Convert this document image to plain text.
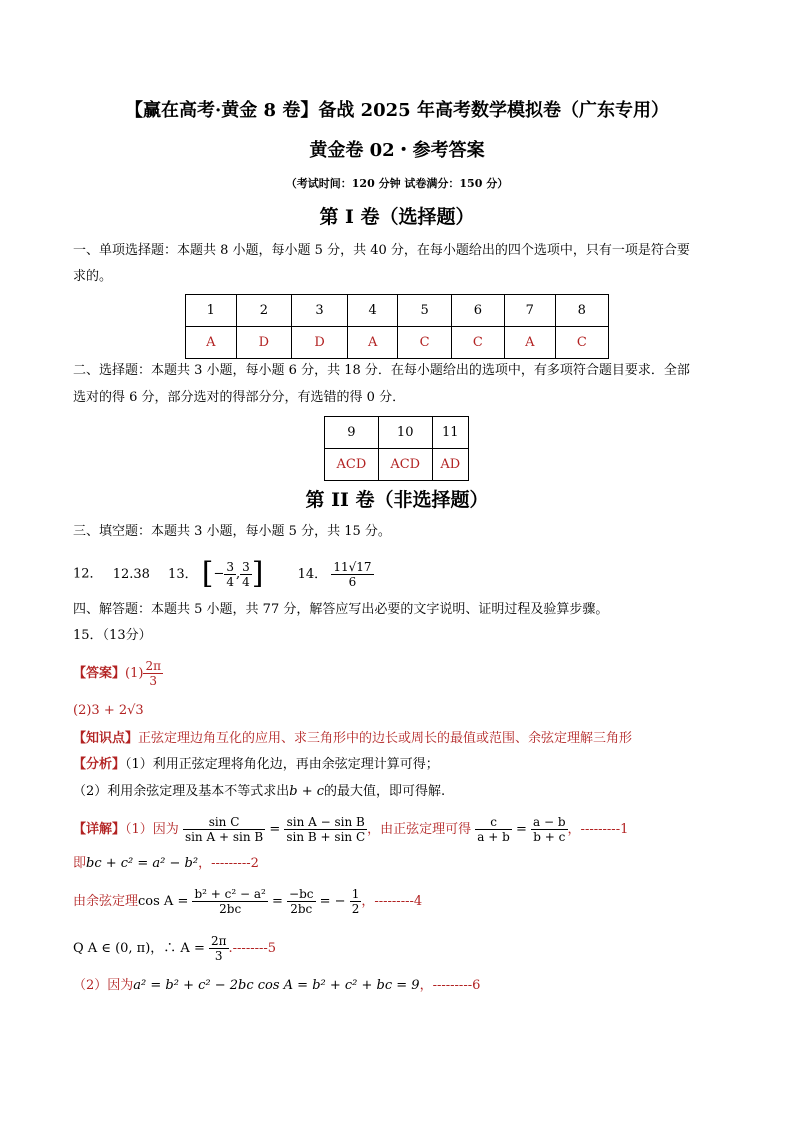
【赢在高考·黄金 8 卷】备战 2025 年高考数学模拟卷（广东专用）
黄金卷 02・参考答案
（考试时间：120 分钟 试卷满分：150 分）
第 I 卷（选择题）
一、单项选择题：本题共 8 小题，每小题 5 分，共 40 分，在每小题给出的四个选项中，只有一项是符合要
求的。
1	2	3	4	5	6	7	8
A	D	D	A	C	C	A	C
二、选择题：本题共 3 小题，每小题 6 分，共 18 分．在每小题给出的选项中，有多项符合题目要求．全部
选对的得 6 分，部分选对的得部分分，有选错的得 0 分．
9	10	11
ACD	ACD	AD
第 II 卷（非选择题）
三、填空题：本题共 3 小题，每小题 5 分，共 15 分。
12． 12.38 13． [− $\frac{3}{4}$ , $\frac{3}{4}$ ]	14． $\frac{11√17}{6}$
四、解答题：本题共 5 小题，共 77 分，解答应写出必要的文字说明、证明过程及验算步骤。
15．（13分）
【答案】$(1) \frac{2\pi}{3}$
(2)3 + 2√3
【知识点】正弦定理边角互化的应用、求三角形中的边长或周长的最值或范围、余弦定理解三角形
【分析】（1）利用正弦定理将角化边，再由余弦定理计算可得；
（2）利用余弦定理及基本不等式求出b + c的最大值，即可得解.
【详解】（1）因为 $\frac{\text{sin C}}{\text{sin A + sin B}} = \frac{\text{sin A − sin B}}{\text{sin B + sin C}}$ ，由正弦定理可得 $\frac{c}{a + b} = \frac{a - b}{b + c}$ ，---------1
即bc + c² = a² − b²，---------2
由余弦定理$\cos A = \frac{\text{b² + c² − a²}}{2bc} = \frac{-bc}{2bc}$ = − $\frac{1}{2}$ ，---------4
Q A ∈ (0, π)，∴ $A = \frac{2\pi}{3} .--------5$
（2）因为a² = b² + c² − 2bc cos A = b² + c² + bc = 9，---------6
